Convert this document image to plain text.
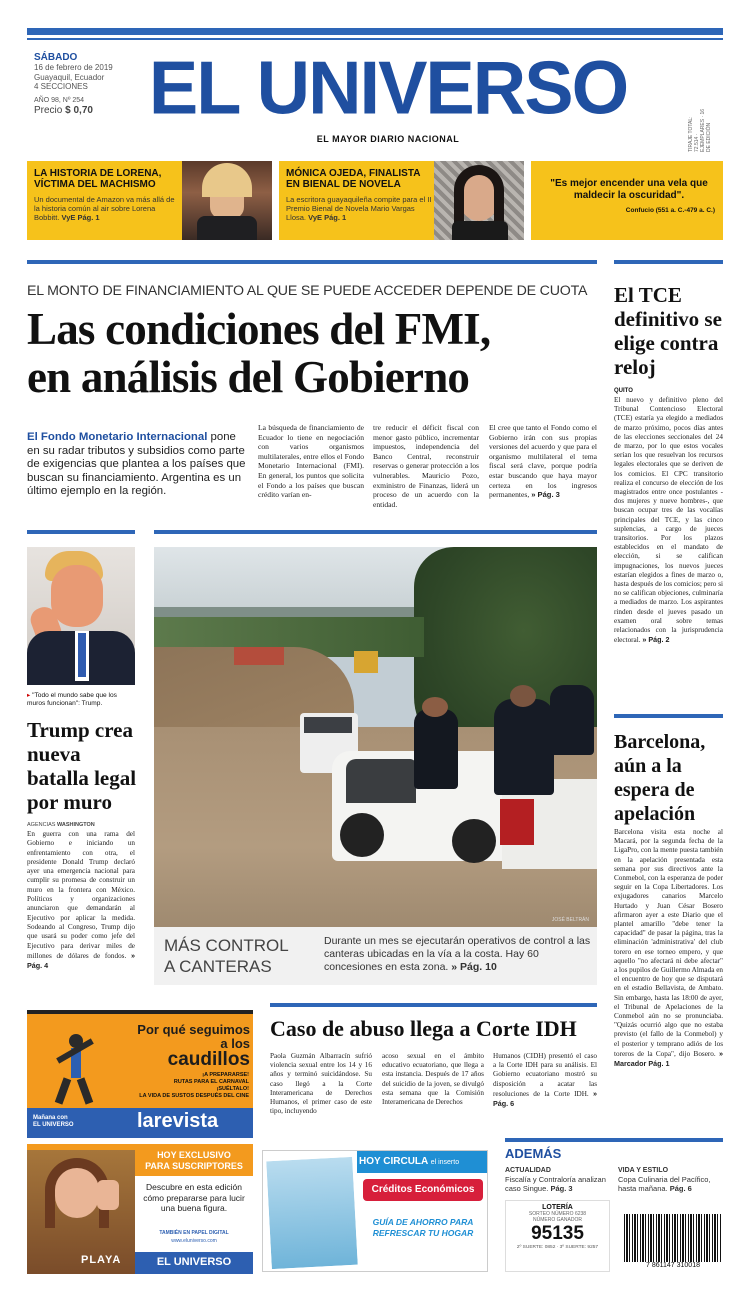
SÁBADO
16 de febrero de 2019
Guayaquil, Ecuador
4 SECCIONES
AÑO 98, Nº 254
Precio $ 0,70 EL UNIVERSO
EL MAYOR DIARIO NACIONAL	TIRAJE TOTAL: 72.514 · EJEMPLARES · 16 DE EDICIÓN
LA HISTORIA DE LORENA, VÍCTIMA DEL MACHISMO
Un documental de Amazon va más allá de la historia común al air sobre Lorena Bobbitt. VyE Pág. 1
MÓNICA OJEDA, FINALISTA EN BIENAL DE NOVELA
La escritora guayaquileña compite para el II Premio Bienal de Novela Mario Vargas Llosa. VyE Pág. 1
"Es mejor encender una vela que maldecir la oscuridad".
Confucio (551 a. C.-479 a. C.)
EL MONTO DE FINANCIAMIENTO AL QUE SE PUEDE ACCEDER DEPENDE DE CUOTA
Las condiciones del FMI,
en análisis del Gobierno
El Fondo Monetario Internacional pone en su radar tributos y subsidios como parte de exigencias que plantea a los países que buscan su financiamiento. Argentina es un último ejemplo en la región.
La búsqueda de financiamiento de Ecuador lo tiene en negociación con varios organismos multilaterales, entre ellos el Fondo Monetario Internacional (FMI). En general, los puntos que solicita el Fondo a los países que buscan crédito varían en-
tre reducir el déficit fiscal con menor gasto público, incrementar impuestos, independencia del Banco Central, reconstruir reservas o generar protección a los vulnerables. Mauricio Pozo, exministro de Finanzas, liderá un proceso de un acuerdo con la entidad.
El cree que tanto el Fondo como el Gobierno irán con sus propias versiones del acuerdo y que para el organismo multilateral el tema fiscal será clave, porque podría estar buscando que haya mayor certeza en los ingresos permanentes, » Pág. 3
El TCE definitivo se elige contra reloj
QUITO
El nuevo y definitivo pleno del Tribunal Contencioso Electoral (TCE) estaría ya elegido a mediados de marzo próximo, pocos días antes de las elecciones seccionales del 24 de marzo, por lo que estos vocales serían los que resuelvan los recursos legales electorales que se deriven de los comicios. El CPC transitorio realiza el concurso de elección de los magistrados entre once postulantes -dos mujeres y nueve hombres-, que buscan ocupar tres de las vocalías principales del TCE, y las cinco suplencias, a cargo de jueces transitorios. Por los plazos establecidos en el mandato de elección, si se califican impugnaciones, los nuevos jueces estarían elegidos a fines de marzo o, hasta después de los comicios; pero si no se califican objeciones, culminaría a mediados de marzo. Los aspirantes rinden desde el jueves pasado un examen oral sobre temas relacionados con la jurisprudencia electoral. » Pág. 2
▸ "Todo el mundo sabe que los muros funcionan": Trump.
Trump crea nueva batalla legal por muro
AGENCIAS WASHINGTON
En guerra con una rama del Gobierno e iniciando un enfrentamiento con otra, el presidente Donald Trump declaró ayer una emergencia nacional para cumplir su promesa de construir un muro en la frontera con México. Políticos y organizaciones anunciaron que demandarán al Ejecutivo por aplicar la medida. Sodeando al Congreso, Trump dijo que usará su poder como jefe del Ejecutivo para derivar miles de millones de dólares de fondos. » Pág. 4
JOSÉ BELTRÁN
MÁS CONTROL
A CANTERAS
Durante un mes se ejecutarán operativos de control a las canteras ubicadas en la vía a la costa. Hay 60 concesiones en esta zona. » Pág. 10
Barcelona, aún a la espera de apelación
Barcelona visita esta noche al Macará, por la segunda fecha de la LigaPro, con la mente puesta también en la apelación presentada esta semana por sus directivos ante la Conmebol, con la esperanza de poder seguir en la Copa Libertadores. Los exjugadores canarios Marcelo Hurtado y Juan César Bosero afirmaron ayer a este Diario que el plantel amarillo "debe tener la capacidad" de pasar la página, tras la eliminación 'administrativa' del club torero en ese torneo empero, y que aquello "no afectará ni debe afectar" a los pupilos de Guillermo Almada en el encuentro de hoy que se disputará en el estadio Bellavista, de Ambato. Sin embargo, hasta las 18:00 de ayer, el Tribunal de Apelaciones de la Conmebol aún no se pronunciaba. "Quizás ocurrió algo que no estaba previsto (el fallo de la Conmebol) y el posterior y temprano adiós de los toreros de la Copa", dijo Bosero. » Marcador Pág. 1
Por qué seguimos
a los
caudillos
¡A PREPARARSE!
RUTAS PARA EL CARNAVAL
¡SUÉLTALO!
LA VIDA DE SUSTOS DESPUÉS DEL CINE
Mañana con
EL UNIVERSO	larevista
Caso de abuso llega a Corte IDH
Paola Guzmán Albarracín sufrió violencia sexual entre los 14 y 16 años y terminó suicidándose. Su caso llegó a la Corte Interamericana de Derechos Humanos, el primer caso de este tipo, incluyendo
acoso sexual en el ámbito educativo ecuatoriano, que llega a esta instancia. Después de 17 años del suicidio de la joven, se divulgó esta semana que la Comisión Interamericana de Derechos
Humanos (CIDH) presentó el caso a la Corte IDH para su análisis. El Gobierno ecuatoriano mostró su disposición a acatar las resoluciones de la Corte IDH. » Pág. 6
PLAYA
HOY EXCLUSIVO
PARA SUSCRIPTORES
Descubre en esta edición cómo prepararse para lucir una buena figura.
TAMBIÉN EN PAPEL DIGITAL
www.eluniverso.com
EL UNIVERSO
HOY CIRCULA el inserto
Créditos Económicos
GUÍA DE AHORRO PARA
REFRESCAR TU HOGAR
ADEMÁS
ACTUALIDAD
Fiscalía y Contraloría analizan caso Singue. Pág. 3
VIDA Y ESTILO
Copa Culinaria del Pacífico, hasta mañana. Pág. 6
LOTERÍA
SORTEO NÚMERO 6238
NÚMERO GANADOR
95135
2º SUERTE: 0852 · 3º SUERTE: 9257
7 861147 310018
